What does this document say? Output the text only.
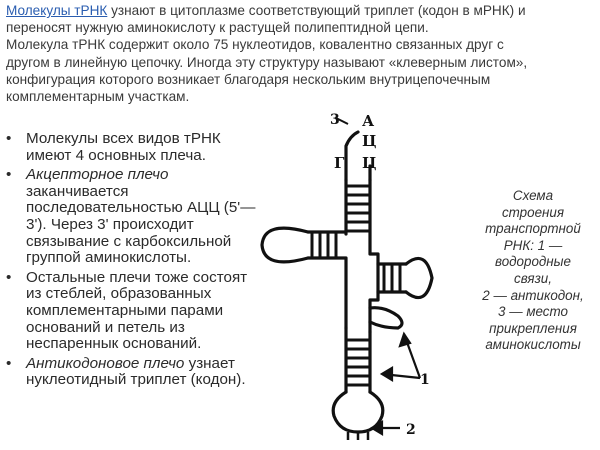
Молекулы тРНК узнают в цитоплазме соответствующий триплет (кодон в мРНК) и

переносят нужную аминокислоту к растущей полипептидной цепи.

Молекула тРНК содержит около 75 нуклеотидов, ковалентно связанных друг с

другом в линейную цепочку. Иногда эту структуру называют «клеверным листом»,

конфигурация которого возникает благодаря нескольким внутрицепочечным

комплементарным участкам.

• Молекулы всех видов тРНК имеют 4 основных плеча.
• Акцепторное плечо заканчивается последовательностью АЦЦ (5'—3'). Через 3' происходит связывание с карбоксильной группой аминокислоты.
• Остальные плечи тоже состоят из стеблей, образованных комплементарными парами оснований и петель из неспареннык оснований.
• Антикодоновое плечо узнает нуклеотидный триплет (кодон).
3 А
Ц
Г Ц
1
2
Схема
строения
транспортной
РНК: 1 —
водородные
связи,
2 — антикодон,
3 — место
прикрепления
аминокислоты
